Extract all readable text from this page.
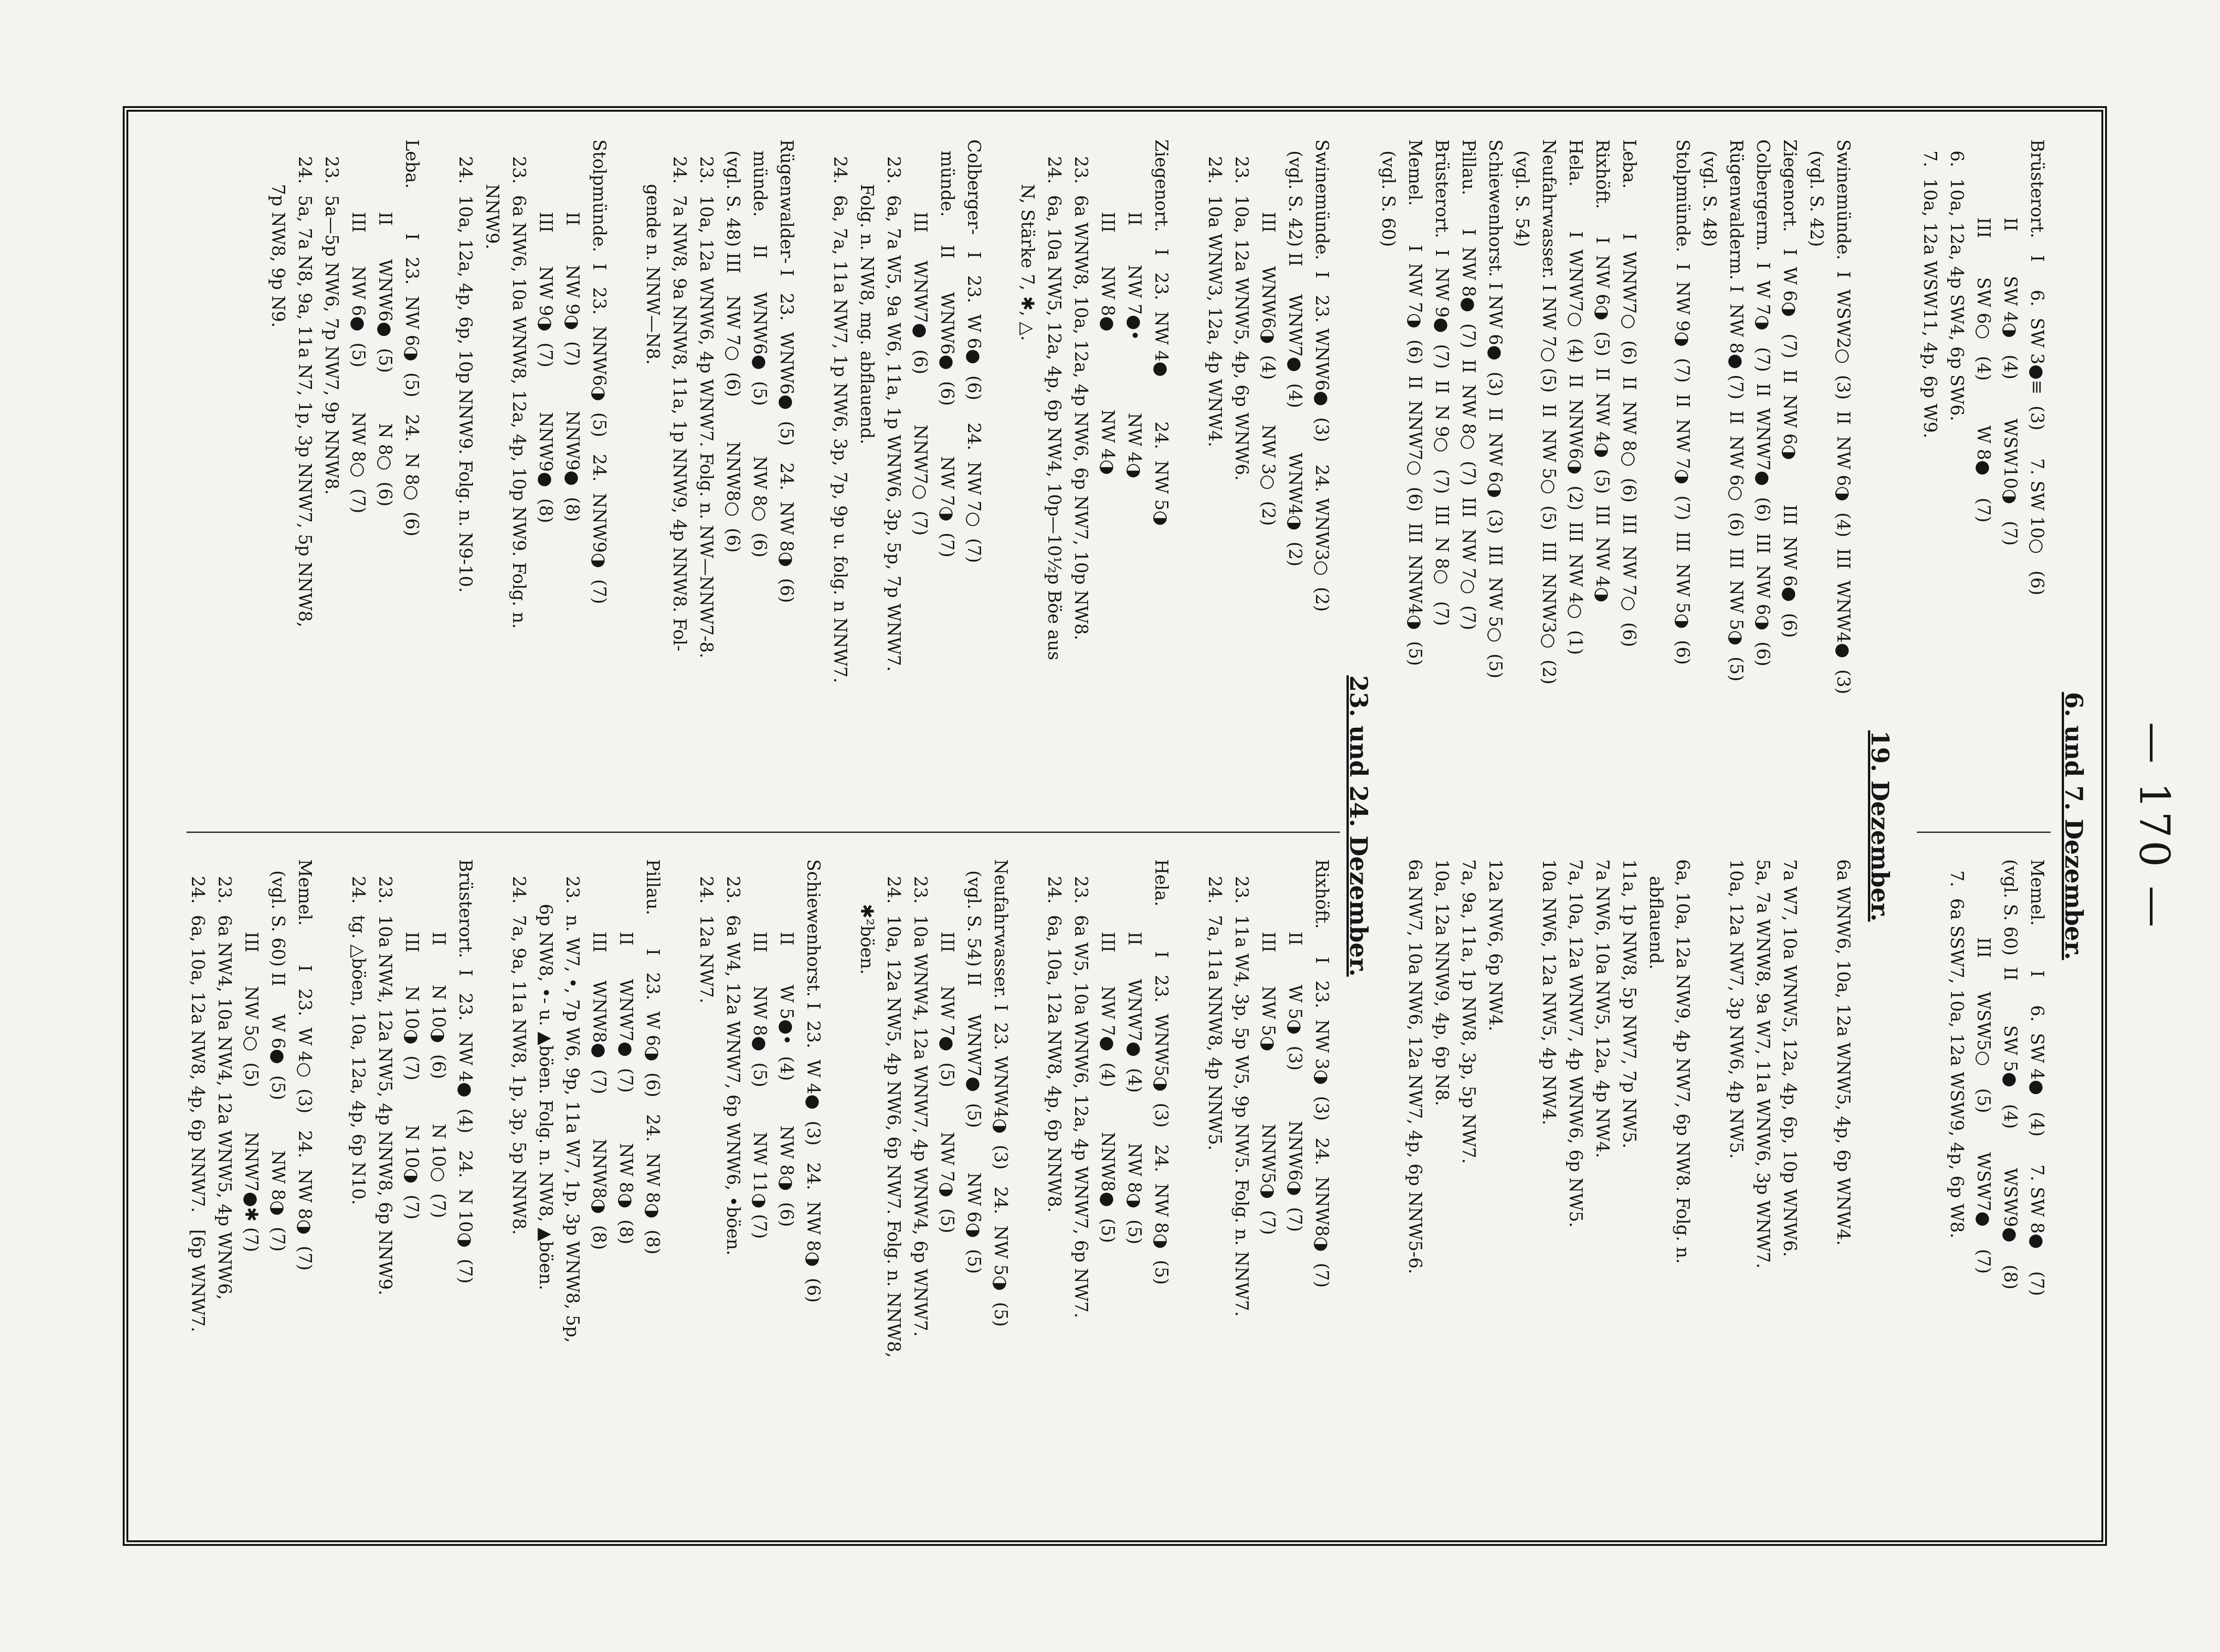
— 170 —
6. und 7. Dezember.
Brüsterort.   I     6.  SW 3●≡  (3)     7. SW 10○   (6)
II        SW 4◑   (4)       WSW10◑   (7)
III       SW 6○   (4)        W 8●    (7)
6.  10a, 12a, 4p SW4, 6p SW6.
7.  10a, 12a WSW11, 4p, 6p W9.
Memel.        I     6.  SW 4●   (4)     7. SW 8●    (7)
(vgl. S. 60)  II        SW 5●   (4)       WSW9●    (8)
III      WSW5○    (5)       WSW7●    (7)
7.  6a SSW7, 10a, 12a WSW9, 4p, 6p W8.
19. Dezember.
Swinemünde.  I  WSW2○  (3)  II  NW 6◑  (4)  III  WNW4●  (3)
(vgl. S. 42)
Ziegenort.   I  W 6◑   (7)  II  NW 6◑        III  NW 6●  (6)
Colbergerm.  I  W 7◑   (7)  II  WNW7●  (6)  III  NW 6◑  (6)
Rügenwalderm. I  NW 8● (7)  II  NW 6○  (6)  III  NW 5◑  (5)
(vgl. S. 48)
Stolpmünde.  I  NW 9◑  (7)  II  NW 7◑  (7)  III  NW 5◑  (6)

Leba.        I  WNW7○  (6)  II  NW 8○  (6)  III  NW 7○  (6)
Rixhöft.     I  NW 6◑  (5)  II  NW 4◑  (5)  III  NW 4◑
Hela.        I  WNW7○  (4)  II  NNW6◑  (2)  III  NW 4○  (1)
Neufahrwasser. I NW 7○ (5)  II  NW 5○  (5)  III  NNW3○  (2)
(vgl. S. 54)
Schiewenhorst. I NW 6●  (3)  II  NW 6◑  (3)  III  NW 5○  (5)
Pillau.      I  NW 8●  (7)  II  NW 8○  (7)  III  NW 7○  (7)
Brüsterort.  I  NW 9●  (7)  II  N 9○   (7)  III  N 8○   (7)
Memel.       I  NW 7◑  (6)  II  NNW7○  (6)  III  NNW4◑  (5)
(vgl. S. 60)
6a WNW6, 10a, 12a WNW5, 4p, 6p WNW4.

7a W7, 10a WNW5, 12a, 4p, 6p, 10p WNW6.
5a, 7a WNW8, 9a W7, 11a WNW6, 3p WNW7.
10a, 12a NW7, 3p NW6, 4p NW5.

6a, 10a, 12a NW9, 4p NW7, 6p NW8. Folg. n.
abflauend.
11a, 1p NW8, 5p NW7, 7p NW5.
7a NW6, 10a NW5, 12a, 4p NW4.
7a, 10a, 12a WNW7, 4p WNW6, 6p NW5.
10a NW6, 12a NW5, 4p NW4.

12a NW6, 6p NW4.
7a, 9a, 11a, 1p NW8, 3p, 5p NW7.
10a, 12a NNW9, 4p, 6p N8.
6a NW7, 10a NW6, 12a NW7, 4p, 6p NNW5-6.
23. und 24. Dezember.
Swinemünde.  I   23. WNW6●  (3)    24. WNW3○  (2)
(vgl. S. 42) II     WNW7●  (4)        WNW4◑  (2)
III      WNW6◑  (4)        NW 3○  (2)
23.  10a, 12a WNW5, 4p, 6p WNW6.
24.  10a WNW3, 12a, 4p WNW4.

Ziegenort.   I   23.  NW 4●        24.  NW 5◑
II       NW 7●•             NW 4◑
III      NW 8●              NW 4◑
23.  6a WNW8, 10a, 12a, 4p NW6, 6p NW7, 10p NW8.
24.  6a, 10a NW5, 12a, 4p, 6p NW4, 10p—10½p Böe aus
N, Stärke 7, ✱, △.

Colberger-   I   23.  W 6●  (6)    24.  NW 7○  (7)
münde.     II      WNW6●  (6)         NW 7◑  (7)
III     WNW7●  (6)         NNW7○  (7)
23.  6a, 7a W5, 9a W6, 11a, 1p WNW6, 3p, 5p, 7p WNW7.
Folg. n. NW8, mg. abflauend.
24.  6a, 7a, 11a NW7, 1p NW6, 3p, 7p, 9p u. folg. n NNW7.

Rügenwalder- I   23.  WNW6●  (5)   24.  NW 8◑  (6)
münde.     II      WNW6●  (5)         NW 8○  (6)
(vgl. S. 48) III    NW 7○  (6)        NNW8○  (6)
23.  10a, 12a WNW6, 4p WNW7. Folg. n. NW—NNW7-8.
24.  7a NW8, 9a NNW8, 11a, 1p NNW9, 4p NNW8. Fol-
gende n. NNW—N8.

Stolpmünde.  I   23.  NNW6◑  (5)   24.  NNW9◑  (7)
II       NW 9◑  (7)        NNW9●  (8)
III      NW 9◑  (7)        NNW9●  (8)
23.  6a NW6, 10a WNW8, 12a, 4p, 10p NW9. Folg. n.
NNW9.
24.  10a, 12a, 4p, 6p, 10p NNW9. Folg. n. N9-10.

Leba.        I   23.  NW 6◑  (5)   24.  N 8○  (6)
II      WNW6●  (5)         N 8○  (6)
III      NW 6●  (5)        NW 8○  (7)
23.  5a—5p NW6, 7p NW7, 9p NNW8.
24.  5a, 7a N8, 9a, 11a N7, 1p, 3p NNW7, 5p NNW8,
7p NW8, 9p N9.
Rixhöft.     I   23.  NW 3◑  (3)   24.  NNW8◑  (7)
II       W 5◑  (3)         NNW6◑  (7)
III      NW 5◑             NNW5◑  (7)
23.  11a W4, 3p, 5p W5, 9p NW5. Folg. n. NNW7.
24.  7a, 11a NNW8, 4p NNW5.

Hela.        I   23.  WNW5◑  (3)   24.  NW 8◑  (5)
II      WNW7●  (4)         NW 8◑  (5)
III      NW 7●  (4)        NNW8●  (5)
23.  6a W5, 10a WNW6, 12a, 4p WNW7, 6p NW7.
24.  6a, 10a, 12a NW8, 4p, 6p NNW8.

Neufahrwasser. I  23. WNW4◑  (3)   24.  NW 5◑  (5)
(vgl. S. 54) II     WNW7●  (5)        NW 6◑  (5)
III      NW 7●  (5)        NW 7◑  (5)
23.  10a WNW4, 12a WNW7, 4p WNW4, 6p WNW7.
24.  10a, 12a NW5, 4p NW6, 6p NW7. Folg. n. NNW8,
✱²böen.

Schiewenhorst. I  23.  W 4●  (3)   24.  NW 8◑  (6)
II       W 5●•  (4)        NW 8◑  (6)
III      NW 8●  (5)        NW 11◑ (7)
23.  6a W4, 12a WNW7, 6p WNW6, •böen.
24.  12a NW7.

Pillau.      I   23.  W 6◑  (6)   24.  NW 8◑  (8)
II      WNW7●  (7)         NW 8◑  (8)
III     WNW8●  (7)        NNW8◑  (8)
23.  n. W7, •, 7p W6, 9p, 11a W7, 1p, 3p WNW8, 5p,
6p NW8, •- u. ▲böen. Folg. n. NW8, ▲böen.
24.  7a, 9a, 11a NW8, 1p, 3p, 5p NNW8.

Brüsterort.  I   23.  NW 4●  (4)   24.  N 10◑  (7)
II       N 10◑  (6)        N 10○  (7)
III      N 10◑  (7)        N 10◑  (7)
23.  10a NW4, 12a NW5, 4p NNW8, 6p NNW9.
24.  tg. △böen, 10a, 12a, 4p, 6p N10.

Memel.       I   23.  W 4○  (3)   24.  NW 8◑  (7)
(vgl. S. 60) II     W 6●  (5)         NW 8◑  (7)
III      NW 5○  (5)        NNW7●✱ (7)
23.  6a NW4, 10a NW4, 12a WNW5, 4p WNW6,
24.  6a, 10a, 12a NW8, 4p, 6p NNW7.   [6p WNW7.
